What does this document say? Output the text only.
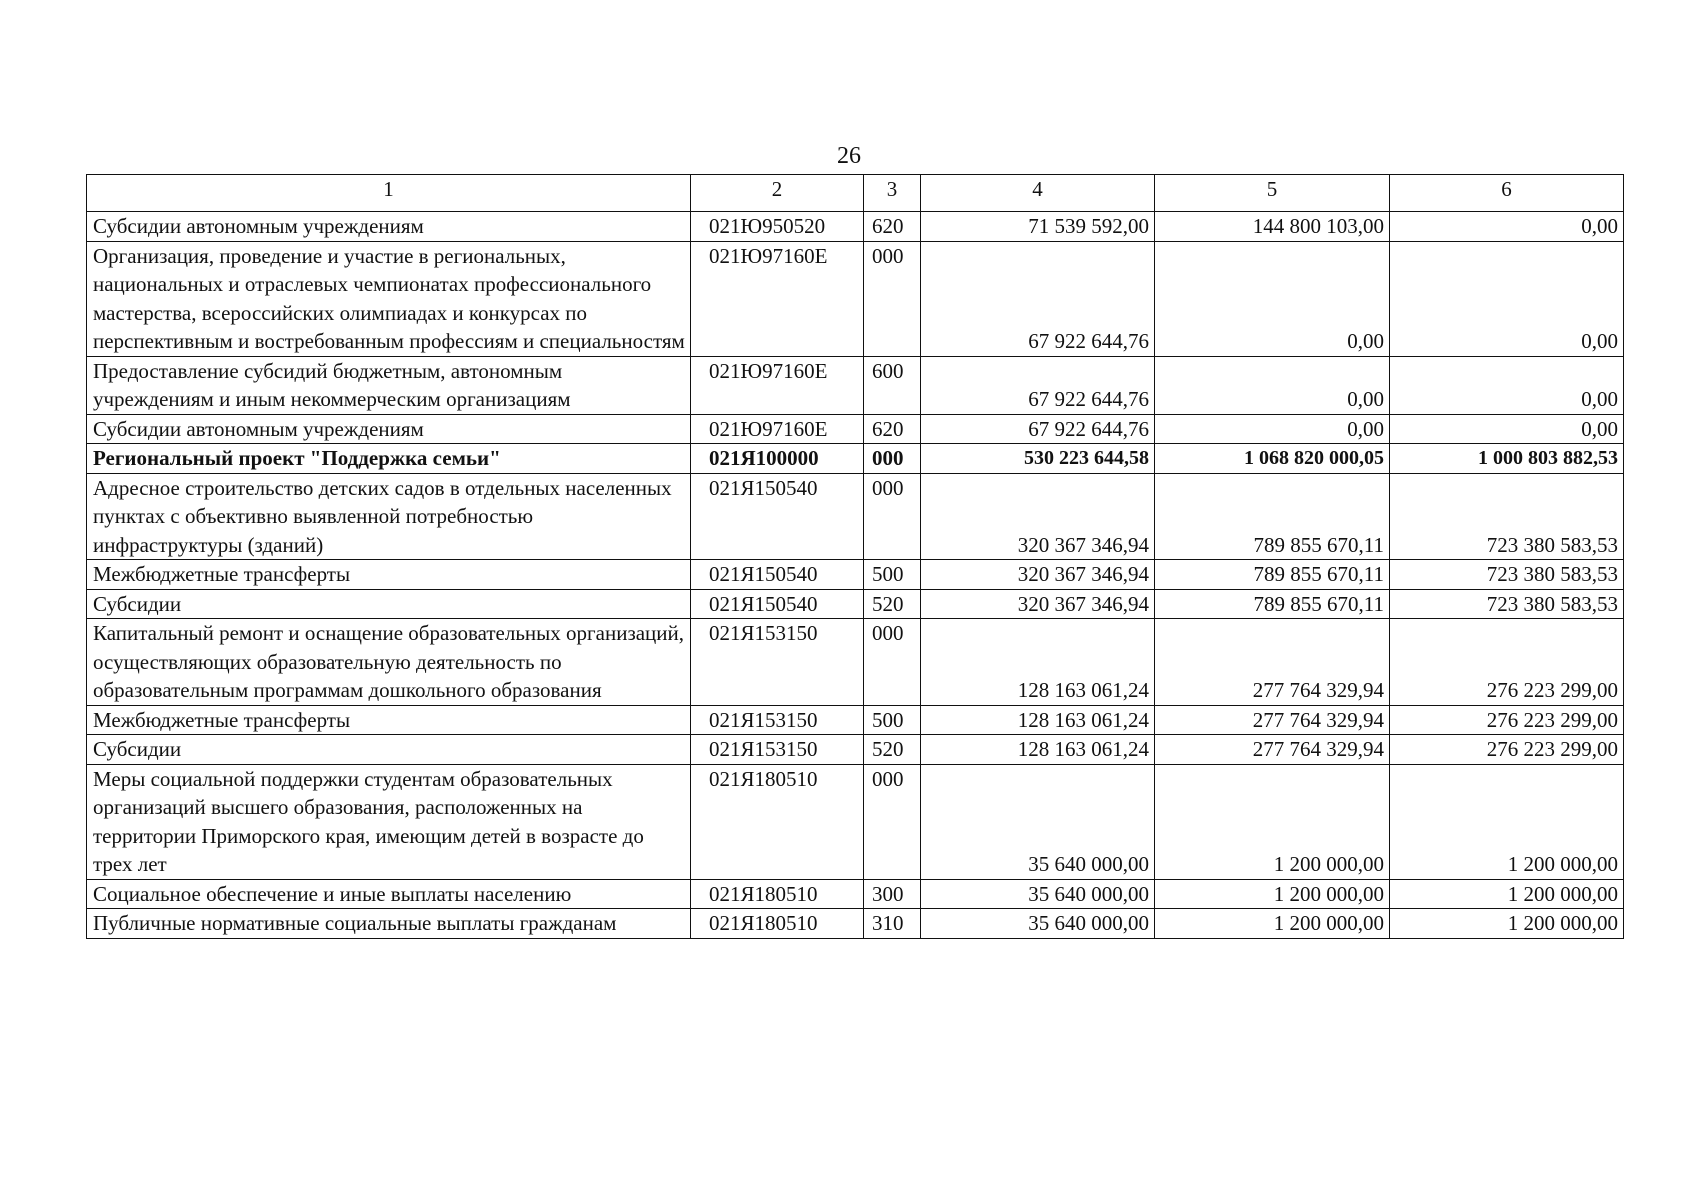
26
1	2	3	4	5	6
Субсидии автономным учреждениям	021Ю950520	620	71 539 592,00	144 800 103,00	0,00
Организация, проведение и участие в региональных, национальных и отраслевых чемпионатах профессионального мастерства, всероссийских олимпиадах и конкурсах по перспективным и востребованным профессиям и специальностям	021Ю97160Е	000	67 922 644,76	0,00	0,00
Предоставление субсидий бюджетным, автономным учреждениям и иным некоммерческим организациям	021Ю97160Е	600	67 922 644,76	0,00	0,00
Субсидии автономным учреждениям	021Ю97160Е	620	67 922 644,76	0,00	0,00
Региональный проект "Поддержка семьи"	021Я100000	000	530 223 644,58	1 068 820 000,05	1 000 803 882,53
Адресное строительство детских садов в отдельных населенных пунктах с объективно выявленной потребностью инфраструктуры (зданий)	021Я150540	000	320 367 346,94	789 855 670,11	723 380 583,53
Межбюджетные трансферты	021Я150540	500	320 367 346,94	789 855 670,11	723 380 583,53
Субсидии	021Я150540	520	320 367 346,94	789 855 670,11	723 380 583,53
Капитальный ремонт и оснащение образовательных организаций, осуществляющих образовательную деятельность по образовательным программам дошкольного образования	021Я153150	000	128 163 061,24	277 764 329,94	276 223 299,00
Межбюджетные трансферты	021Я153150	500	128 163 061,24	277 764 329,94	276 223 299,00
Субсидии	021Я153150	520	128 163 061,24	277 764 329,94	276 223 299,00
Меры социальной поддержки студентам образовательных организаций высшего образования, расположенных на территории Приморского края, имеющим детей в возрасте до трех лет	021Я180510	000	35 640 000,00	1 200 000,00	1 200 000,00
Социальное обеспечение и иные выплаты населению	021Я180510	300	35 640 000,00	1 200 000,00	1 200 000,00
Публичные нормативные социальные выплаты гражданам	021Я180510	310	35 640 000,00	1 200 000,00	1 200 000,00
